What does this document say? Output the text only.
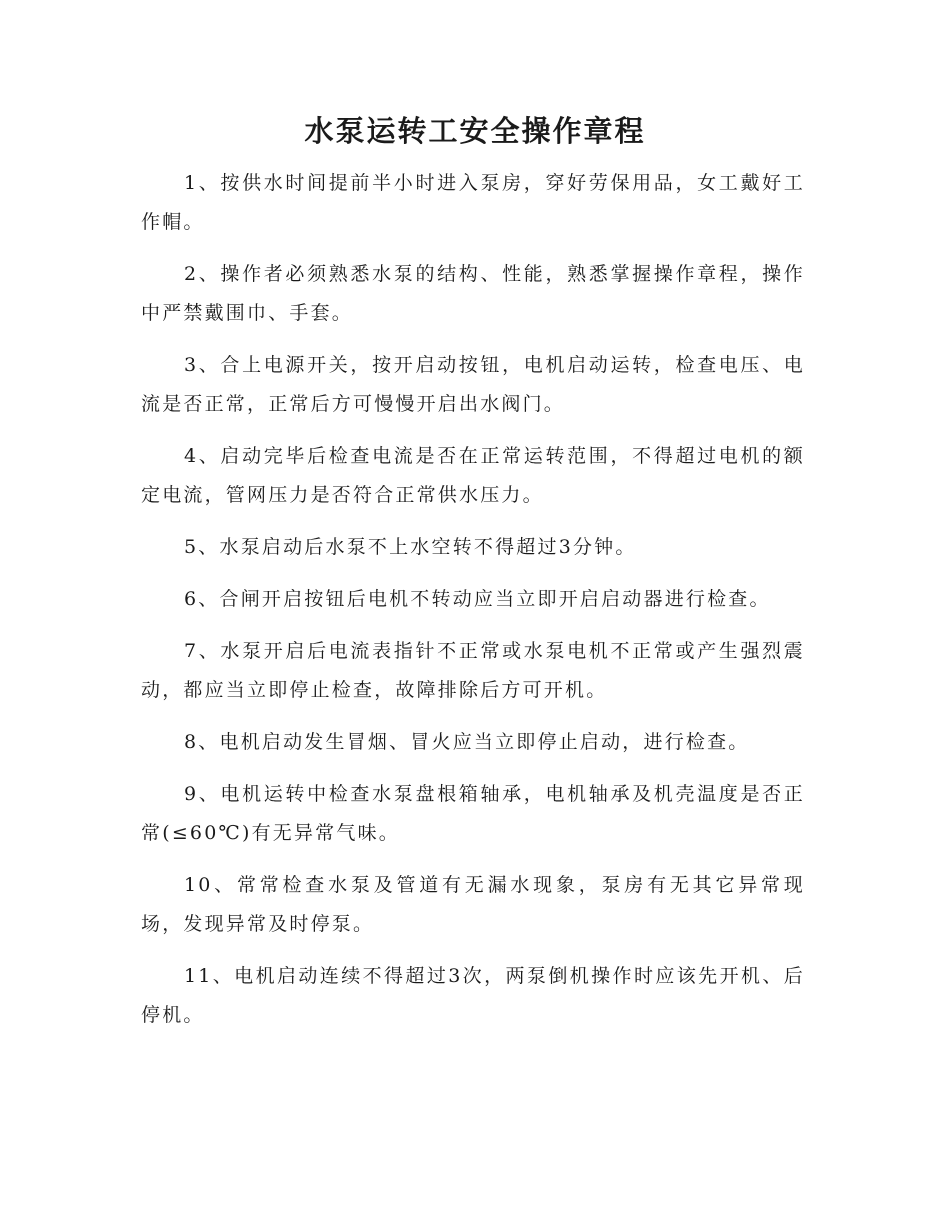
水泵运转工安全操作章程

1、按供水时间提前半小时进入泵房，穿好劳保用品，女工戴好工作帽。

2、操作者必须熟悉水泵的结构、性能，熟悉掌握操作章程，操作中严禁戴围巾、手套。

3、合上电源开关，按开启动按钮，电机启动运转，检查电压、电流是否正常，正常后方可慢慢开启出水阀门。

4、启动完毕后检查电流是否在正常运转范围，不得超过电机的额定电流，管网压力是否符合正常供水压力。

5、水泵启动后水泵不上水空转不得超过3分钟。

6、合闸开启按钮后电机不转动应当立即开启启动器进行检查。

7、水泵开启后电流表指针不正常或水泵电机不正常或产生强烈震动，都应当立即停止检查，故障排除后方可开机。

8、电机启动发生冒烟、冒火应当立即停止启动，进行检查。

9、电机运转中检查水泵盘根箱轴承，电机轴承及机壳温度是否正常(≤60℃)有无异常气味。

10、常常检查水泵及管道有无漏水现象，泵房有无其它异常现场，发现异常及时停泵。

11、电机启动连续不得超过3次，两泵倒机操作时应该先开机、后停机。
